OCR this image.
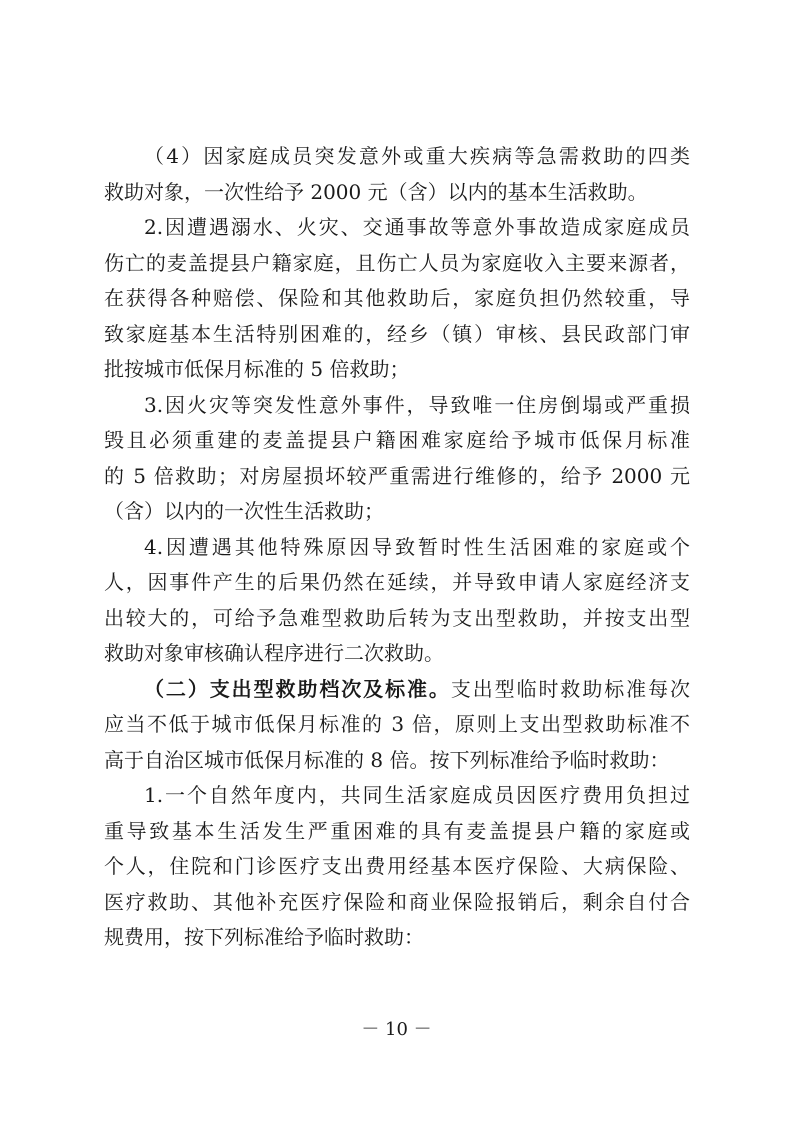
（4）因家庭成员突发意外或重大疾病等急需救助的四类
救助对象，一次性给予 2000 元（含）以内的基本生活救助。
2.因遭遇溺水、火灾、交通事故等意外事故造成家庭成员
伤亡的麦盖提县户籍家庭，且伤亡人员为家庭收入主要来源者，
在获得各种赔偿、保险和其他救助后，家庭负担仍然较重，导
致家庭基本生活特别困难的，经乡（镇）审核、县民政部门审
批按城市低保月标准的 5 倍救助；
3.因火灾等突发性意外事件，导致唯一住房倒塌或严重损
毁且必须重建的麦盖提县户籍困难家庭给予城市低保月标准
的 5 倍救助；对房屋损坏较严重需进行维修的，给予 2000 元
（含）以内的一次性生活救助；
4.因遭遇其他特殊原因导致暂时性生活困难的家庭或个
人，因事件产生的后果仍然在延续，并导致申请人家庭经济支
出较大的，可给予急难型救助后转为支出型救助，并按支出型
救助对象审核确认程序进行二次救助。
（二）支出型救助档次及标准。支出型临时救助标准每次
应当不低于城市低保月标准的 3 倍，原则上支出型救助标准不
高于自治区城市低保月标准的 8 倍。按下列标准给予临时救助：
1.一个自然年度内，共同生活家庭成员因医疗费用负担过
重导致基本生活发生严重困难的具有麦盖提县户籍的家庭或
个人，住院和门诊医疗支出费用经基本医疗保险、大病保险、
医疗救助、其他补充医疗保险和商业保险报销后，剩余自付合
规费用，按下列标准给予临时救助：
－ 10 －
